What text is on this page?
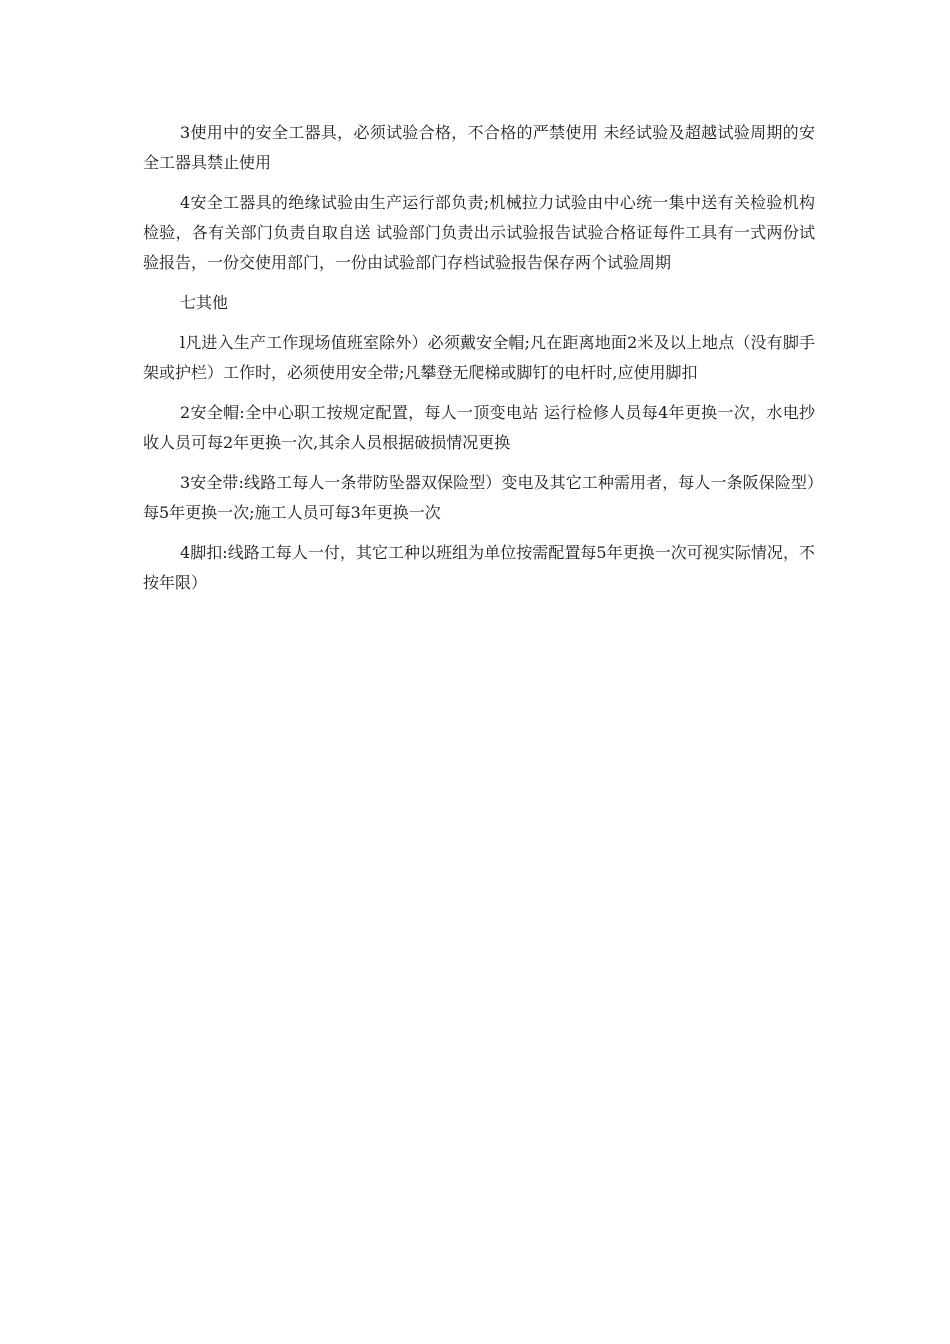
3使用中的安全工器具，必须试验合格，不合格的严禁使用 未经试验及超越试验周期的安全工器具禁止使用

4安全工器具的绝缘试验由生产运行部负责;机械拉力试验由中心统一集中送有关检验机构检验，各有关部门负责自取自送 试验部门负责出示试验报告试验合格证每件工具有一式两份试验报告，一份交使用部门，一份由试验部门存档试验报告保存两个试验周期

七其他

l凡进入生产工作现场值班室除外）必须戴安全帽;凡在距离地面2米及以上地点（没有脚手架或护栏）工作时，必须使用安全带;凡攀登无爬梯或脚钉的电杆时,应使用脚扣

2安全帽:全中心职工按规定配置，每人一顶变电站 运行检修人员每4年更换一次，水电抄收人员可每2年更换一次,其余人员根据破损情况更换

3安全带:线路工每人一条带防坠器双保险型）变电及其它工种需用者，每人一条阪保险型）每5年更换一次;施工人员可每3年更换一次

4脚扣:线路工每人一付，其它工种以班组为单位按需配置每5年更换一次可视实际情况，不按年限）
